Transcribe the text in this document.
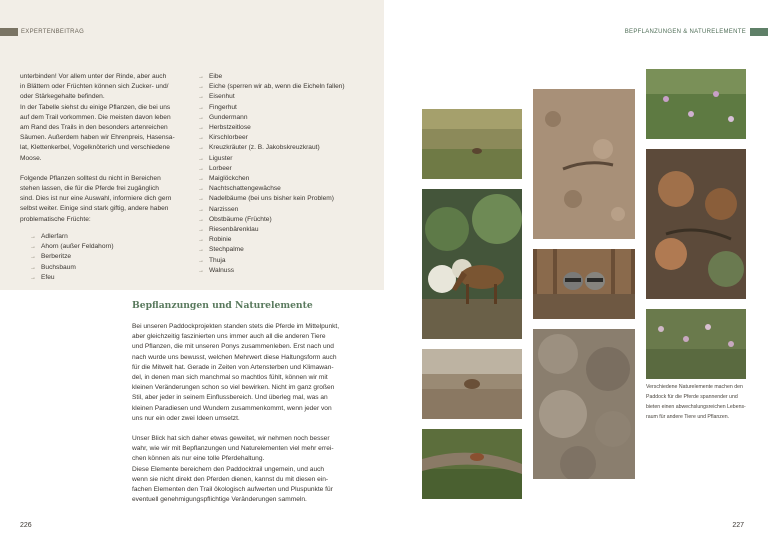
EXPERTENBEITRAG	BEPFLANZUNGEN & NATURELEMENTE

unterbinden! Vor allem unter der Rinde, aber auch

in Blättern oder Früchten können sich Zucker- und/

oder Stärkegehalte befinden.

In der Tabelle siehst du einige Pflanzen, die bei uns

auf dem Trail vorkommen. Die meisten davon leben

am Rand des Trails in den besonders artenreichen

Säumen. Außerdem haben wir Ehrenpreis, Hasensa-

lat, Klettenkerbel, Vogelknöterich und verschiedene

Moose.

Folgende Pflanzen solltest du nicht in Bereichen

stehen lassen, die für die Pferde frei zugänglich

sind. Dies ist nur eine Auswahl, informiere dich gern

selbst weiter. Einige sind stark giftig, andere haben

problematische Früchte:

→ Adlerfarn
→ Ahorn (außer Feldahorn)
→ Berberitze
→ Buchsbaum
→ Efeu
→ Eibe
→ Eiche (sperren wir ab, wenn die Eicheln fallen)
→ Eisenhut
→ Fingerhut
→ Gundermann
→ Herbstzeitlose
→ Kirschlorbeer
→ Kreuzkräuter (z. B. Jakobskreuzkraut)
→ Liguster
→ Lorbeer
→ Maiglöckchen
→ Nachtschattengewächse
→ Nadelbäume (bei uns bisher kein Problem)
→ Narzissen
→ Obstbäume (Früchte)
→ Riesenbärenklau
→ Robinie
→ Stechpalme
→ Thuja
→ Walnuss
Bepflanzungen und Naturelemente

Bei unseren Paddockprojekten standen stets die Pferde im Mittelpunkt,

aber gleichzeitig faszinierten uns immer auch all die anderen Tiere

und Pflanzen, die mit unseren Ponys zusammenleben. Erst nach und

nach wurde uns bewusst, welchen Mehrwert diese Haltungsform auch

für die Mitwelt hat. Gerade in Zeiten von Artensterben und Klimawan-

del, in denen man sich manchmal so machtlos fühlt, können wir mit

kleinen Veränderungen schon so viel bewirken. Nicht im ganz großen

Stil, aber jeder in seinem Einflussbereich. Und überleg mal, was an

kleinen Paradiesen und Wundern zusammenkommt, wenn jeder von

uns nur ein oder zwei Ideen umsetzt.

Unser Blick hat sich daher etwas geweitet, wir nehmen noch besser

wahr, wie wir mit Bepflanzungen und Naturelementen viel mehr errei-

chen können als nur eine tolle Pferdehaltung.

Diese Elemente bereichern den Paddocktrail ungemein, und auch

wenn sie nicht direkt den Pferden dienen, kannst du mit diesen ein-

fachen Elementen den Trail ökologisch aufwerten und Pluspunkte für

eventuell genehmigungspflichtige Veränderungen sammeln.

226	227
Verschiedene Naturelemente machen den
Paddock für die Pferde spannender und
bieten einen abwechslungsreichen Lebens-
raum für andere Tiere und Pflanzen.
